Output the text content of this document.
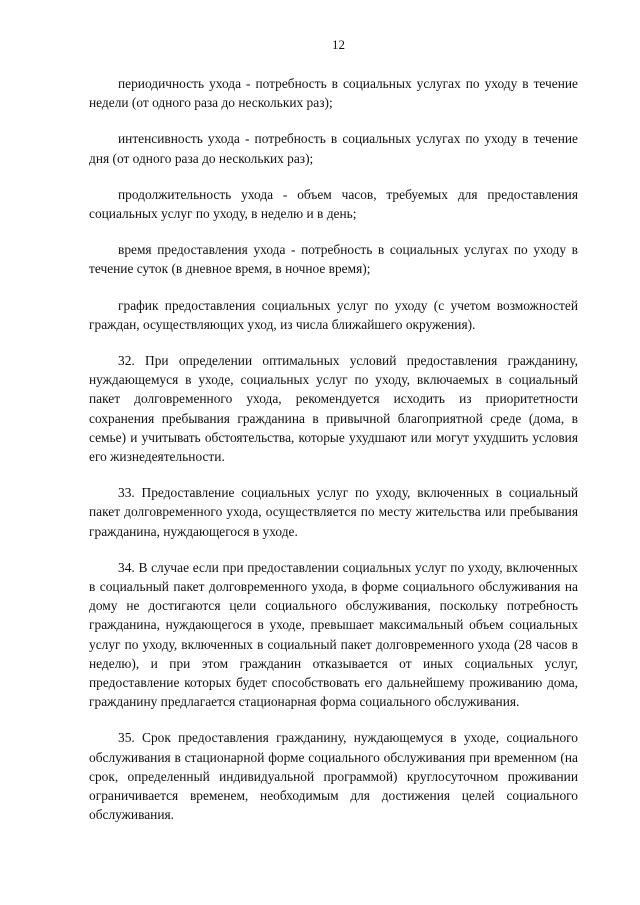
12

периодичность ухода - потребность в социальных услугах по уходу в течение недели (от одного раза до нескольких раз);

интенсивность ухода - потребность в социальных услугах по уходу в течение дня (от одного раза до нескольких раз);

продолжительность ухода - объем часов, требуемых для предоставления социальных услуг по уходу, в неделю и в день;

время предоставления ухода - потребность в социальных услугах по уходу в течение суток (в дневное время, в ночное время);

график предоставления социальных услуг по уходу (с учетом возможностей граждан, осуществляющих уход, из числа ближайшего окружения).

32. При определении оптимальных условий предоставления гражданину, нуждающемуся в уходе, социальных услуг по уходу, включаемых в социальный пакет долговременного ухода, рекомендуется исходить из приоритетности сохранения пребывания гражданина в привычной благоприятной среде (дома, в семье) и учитывать обстоятельства, которые ухудшают или могут ухудшить условия его жизнедеятельности.

33. Предоставление социальных услуг по уходу, включенных в социальный пакет долговременного ухода, осуществляется по месту жительства или пребывания гражданина, нуждающегося в уходе.

34. В случае если при предоставлении социальных услуг по уходу, включенных в социальный пакет долговременного ухода, в форме социального обслуживания на дому не достигаются цели социального обслуживания, поскольку потребность гражданина, нуждающегося в уходе, превышает максимальный объем социальных услуг по уходу, включенных в социальный пакет долговременного ухода (28 часов в неделю), и при этом гражданин отказывается от иных социальных услуг, предоставление которых будет способствовать его дальнейшему проживанию дома, гражданину предлагается стационарная форма социального обслуживания.

35. Срок предоставления гражданину, нуждающемуся в уходе, социального обслуживания в стационарной форме социального обслуживания при временном (на срок, определенный индивидуальной программой) круглосуточном проживании ограничивается временем, необходимым для достижения целей социального обслуживания.
